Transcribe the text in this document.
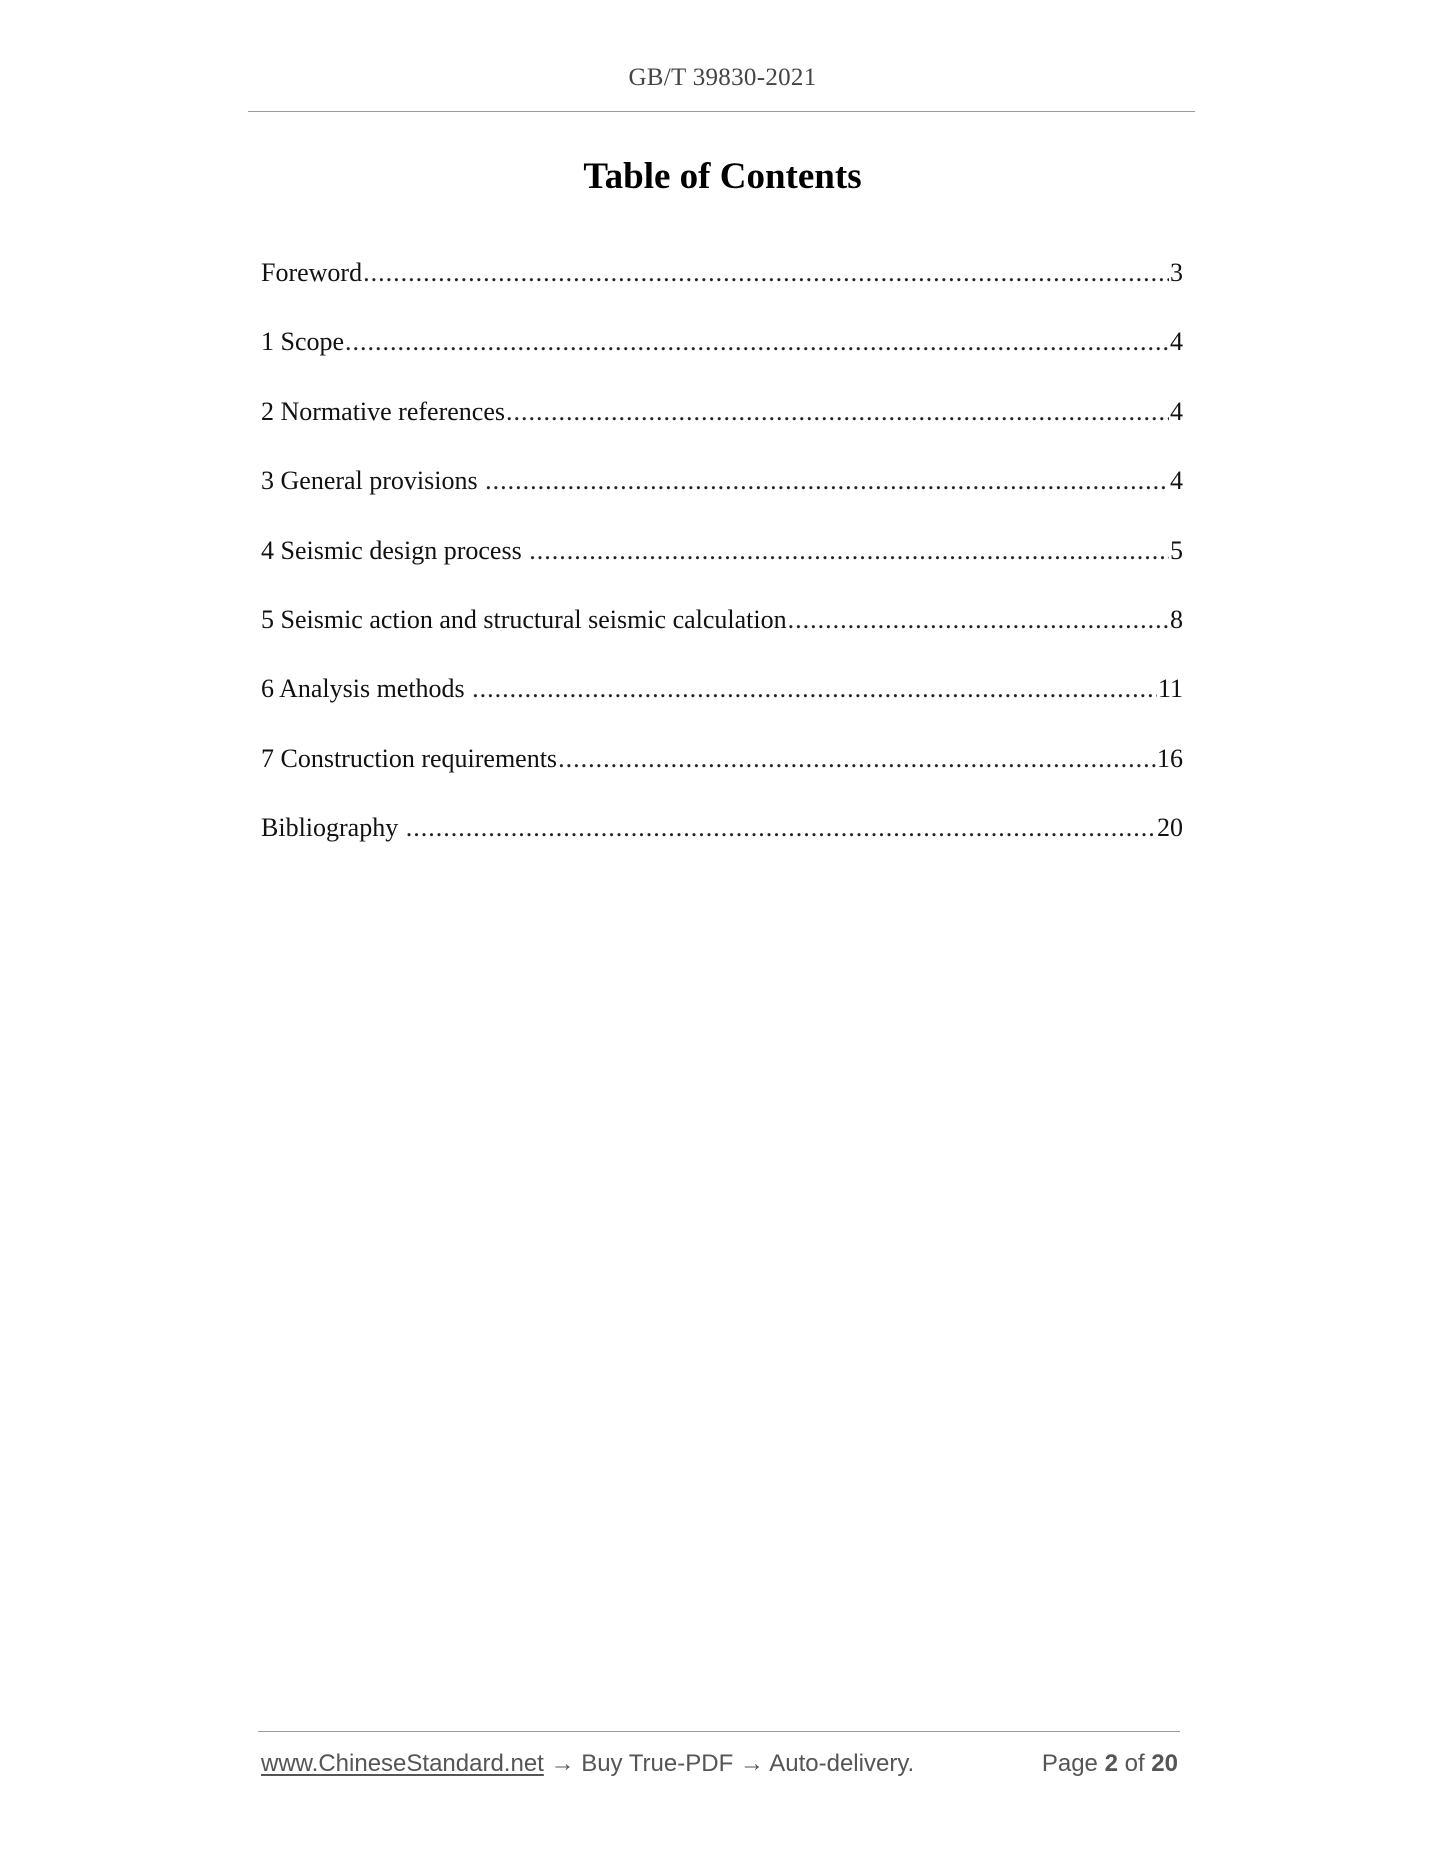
GB/T 39830-2021
Table of Contents
Foreword .....	3
1 Scope .....	4
2 Normative references .....	4
3 General provisions .....	4
4 Seismic design process .....	5
5 Seismic action and structural seismic calculation .....	8
6 Analysis methods .....	11
7 Construction requirements .....	16
Bibliography .....	20
www.ChineseStandard.net → Buy True-PDF → Auto-delivery.	Page 2 of 20
